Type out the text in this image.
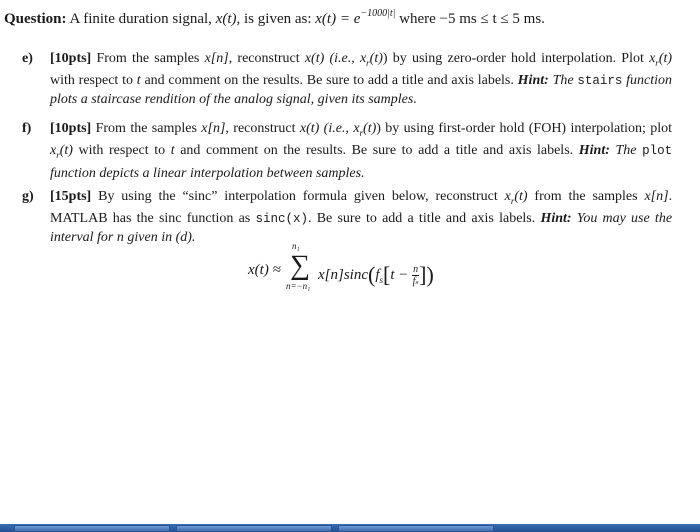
Question: A finite duration signal, x(t), is given as: $x(t) = e^{-1000|t|}$ where −5 ms ≤ t ≤ 5 ms.
e) [10pts] From the samples x[n], reconstruct x(t) (i.e., $x_r(t)$) by using zero-order hold interpolation. Plot $x_r(t)$ with respect to t and comment on the results. Be sure to add a title and axis labels. Hint: The stairs function plots a staircase rendition of the analog signal, given its samples.
f) [10pts] From the samples x[n], reconstruct x(t) (i.e., $x_r(t)$) by using first-order hold (FOH) interpolation; plot $x_r(t)$ with respect to t and comment on the results. Be sure to add a title and axis labels. Hint: The plot function depicts a linear interpolation between samples.
g) [15pts] By using the “sinc” interpolation formula given below, reconstruct $x_r(t)$ from the samples x[n]. MATLAB has the sinc function as sinc(x). Be sure to add a title and axis labels. Hint: You may use the interval for n given in (d).
x(t) ≈
n₁
∑
n=−n₁
$x[n]\sin c(f_s[t - \frac{n}{\text{fₛ}}$ ])
